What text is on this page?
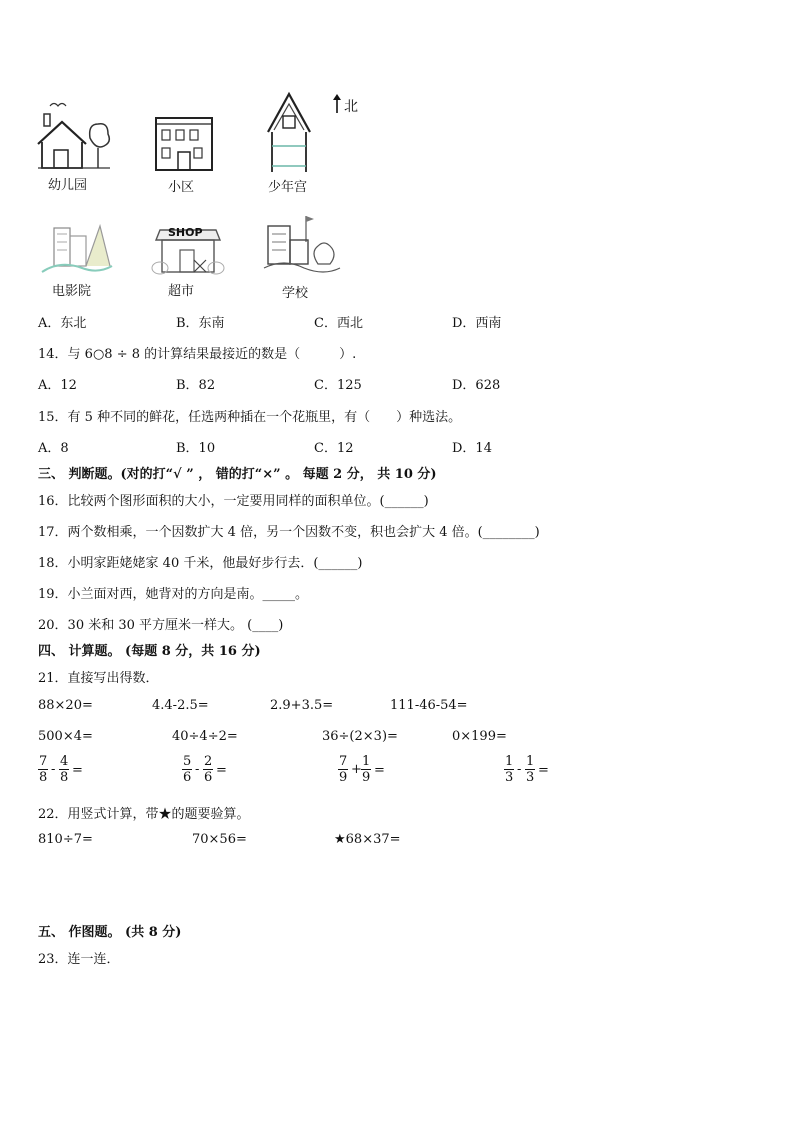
幼儿园	小区	少年宫
北
电影院
SHOP
超市	学校
A．东北	B．东南	C．西北	D．西南
14．与 6○8 ÷ 8 的计算结果最接近的数是（　　　）.
A．12	B．82	C．125	D．628
15．有 5 种不同的鲜花，任选两种插在一个花瓶里，有（　　）种选法。
A．8	B．10	C．12	D．14
三、 判断题。(对的打“√ ” ， 错的打“×” 。 每题 2 分， 共 10 分)
16．比较两个图形面积的大小，一定要用同样的面积单位。(______)
17．两个数相乘，一个因数扩大 4 倍，另一个因数不变，积也会扩大 4 倍。(________)
18．小明家距姥姥家 40 千米，他最好步行去．(______)
19．小兰面对西，她背对的方向是南。_____。
20．30 米和 30 平方厘米一样大。 (____)
四、 计算题。 (每题 8 分，共 16 分)
21．直接写出得数．
88×20=	4.4-2.5=	2.9+3.5=	111-46-54=
500×4=	40÷4÷2=	36÷(2×3)=	0×199=
$\frac{7}{8} - \frac{4}{8}$ =	$\frac{5}{6} - \frac{2}{6}$ =	$\frac{7}{9} + \frac{1}{9}$ =	$\frac{1}{3} - \frac{1}{3}$ =
22．用竖式计算，带★的题要验算。
810÷7=	70×56=	★68×37=
五、 作图题。 (共 8 分)
23．连一连．
